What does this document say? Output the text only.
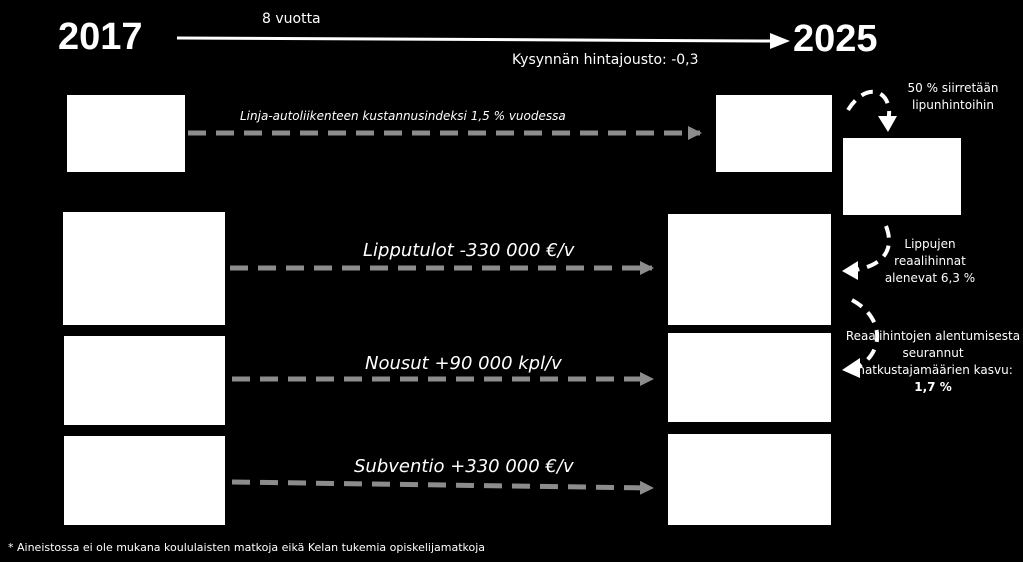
2017	2025
8 vuotta
Kysynnän hintajousto: -0,3
Linja-autoliikenteen kustannusindeksi 1,5 % vuodessa
Lipputulot -330 000 €/v
Nousut +90 000 kpl/v
Subventio +330 000 €/v
50 % siirretään
lipunhintoihin
Lippujen
reaalihinnat
alenevat 6,3 %
Reaalihintojen alentumisesta
seurannut
matkustajamäärien kasvu:
1,7 %
* Aineistossa ei ole mukana koululaisten matkoja eikä Kelan tukemia opiskelijamatkoja
